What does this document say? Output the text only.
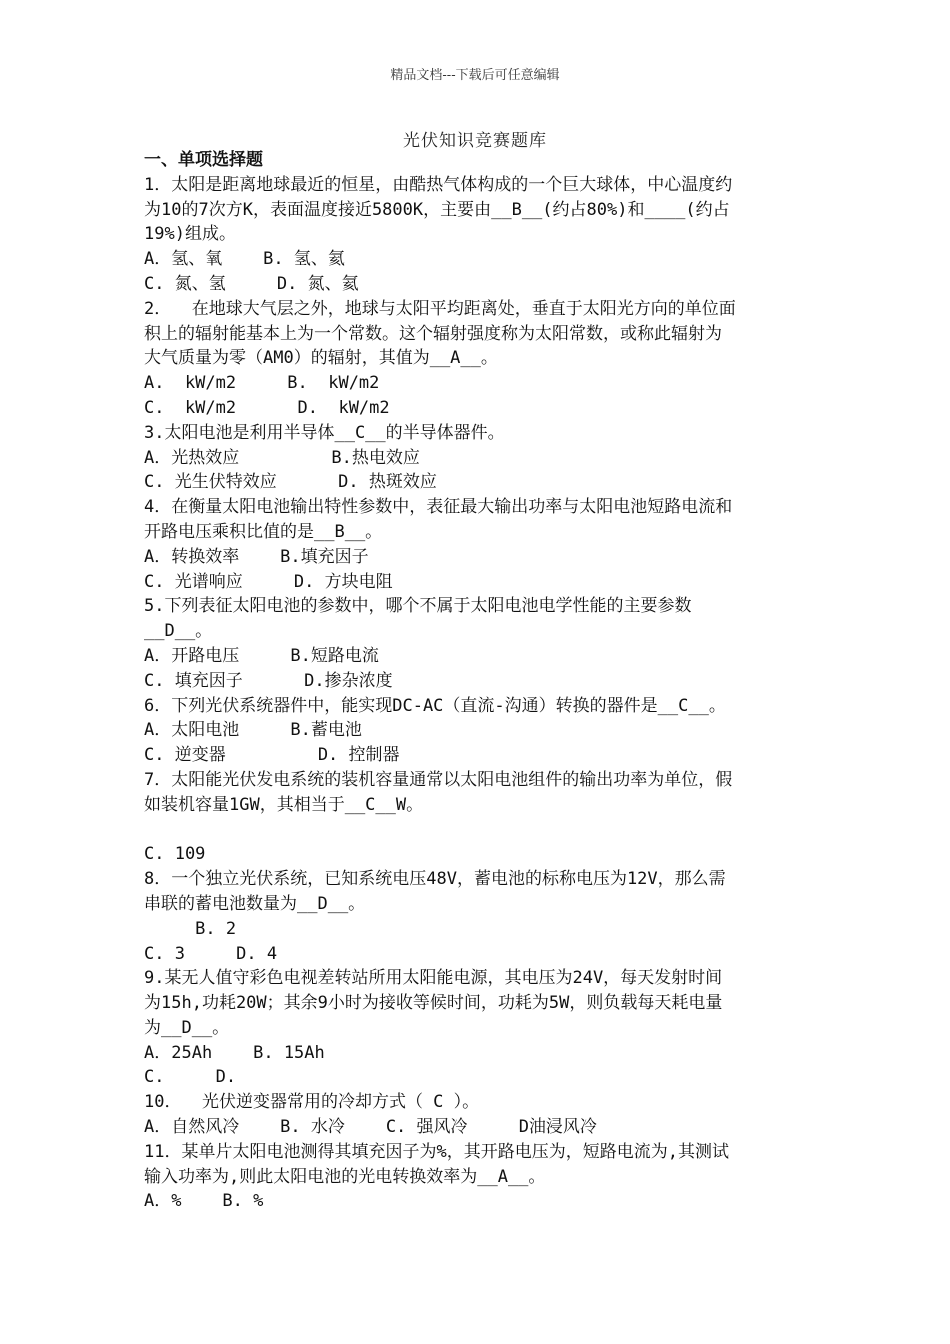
精品文档---下载后可任意编辑
光伏知识竞赛题库
一、单项选择题
1．太阳是距离地球最近的恒星，由酷热气体构成的一个巨大球体，中心温度约
为10的7次方K，表面温度接近5800K，主要由__B__(约占80%)和____(约占
19%)组成。
A．氢、氧    B. 氢、氦
C. 氮、氢     D. 氮、氦
2．  在地球大气层之外，地球与太阳平均距离处，垂直于太阳光方向的单位面
积上的辐射能基本上为一个常数。这个辐射强度称为太阳常数，或称此辐射为
大气质量为零（AM0）的辐射，其值为__A__。
A.  kW/m2     B.  kW/m2
C.  kW/m2      D.  kW/m2
3.太阳电池是利用半导体__C__的半导体器件。
A．光热效应         B.热电效应
C. 光生伏特效应      D. 热斑效应
4．在衡量太阳电池输出特性参数中，表征最大输出功率与太阳电池短路电流和
开路电压乘积比值的是__B__。
A．转换效率    B.填充因子
C. 光谱响应     D. 方块电阻
5.下列表征太阳电池的参数中，哪个不属于太阳电池电学性能的主要参数
__D__。
A．开路电压     B.短路电流
C. 填充因子      D.掺杂浓度
6．下列光伏系统器件中，能实现DC-AC（直流-沟通）转换的器件是__C__。
A．太阳电池     B.蓄电池
C. 逆变器         D. 控制器
7．太阳能光伏发电系统的装机容量通常以太阳电池组件的输出功率为单位，假
如装机容量1GW，其相当于__C__W。
C. 109
8．一个独立光伏系统，已知系统电压48V，蓄电池的标称电压为12V，那么需
串联的蓄电池数量为__D__。
B. 2
C. 3     D. 4
9.某无人值守彩色电视差转站所用太阳能电源，其电压为24V，每天发射时间
为15h,功耗20W；其余9小时为接收等候时间，功耗为5W，则负载每天耗电量
为__D__。
A．25Ah    B. 15Ah
C.     D.
10．  光伏逆变器常用的冷却方式（ C ）。
A．自然风冷    B. 水冷    C. 强风冷     D油浸风冷
11．某单片太阳电池测得其填充因子为%，其开路电压为，短路电流为,其测试
输入功率为,则此太阳电池的光电转换效率为__A__。
A．%    B. %
